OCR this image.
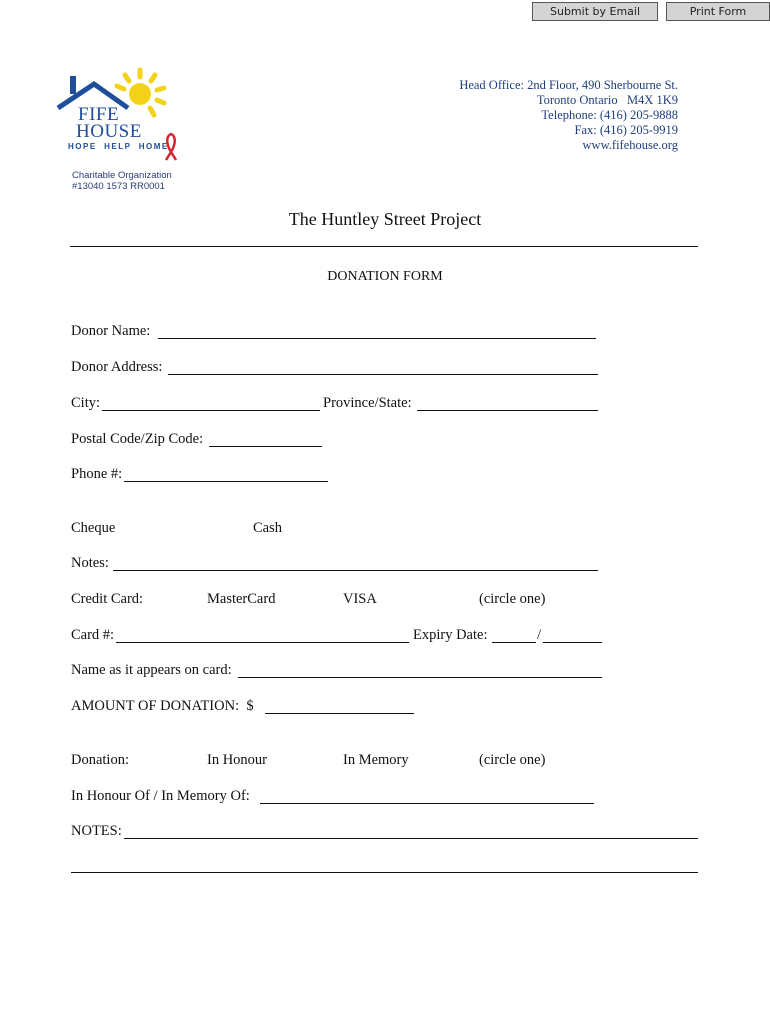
Submit by Email	Print Form
FIFE
HOUSE
HOPE  HELP  HOME
Charitable Organization
#13040 1573 RR0001
Head Office: 2nd Floor, 490 Sherbourne St.
Toronto Ontario   M4X 1K9
Telephone: (416) 205-9888
Fax: (416) 205-9919
www.fifehouse.org
The Huntley Street Project
DONATION FORM
Donor Name:
Donor Address:
City:	Province/State:
Postal Code/Zip Code:
Phone #:
Cheque	Cash
Notes:
Credit Card:	MasterCard	VISA	(circle one)
Card #:	Expiry Date:	/
Name as it appears on card:
AMOUNT OF DONATION:  $
Donation:	In Honour	In Memory	(circle one)
In Honour Of / In Memory Of:
NOTES:
